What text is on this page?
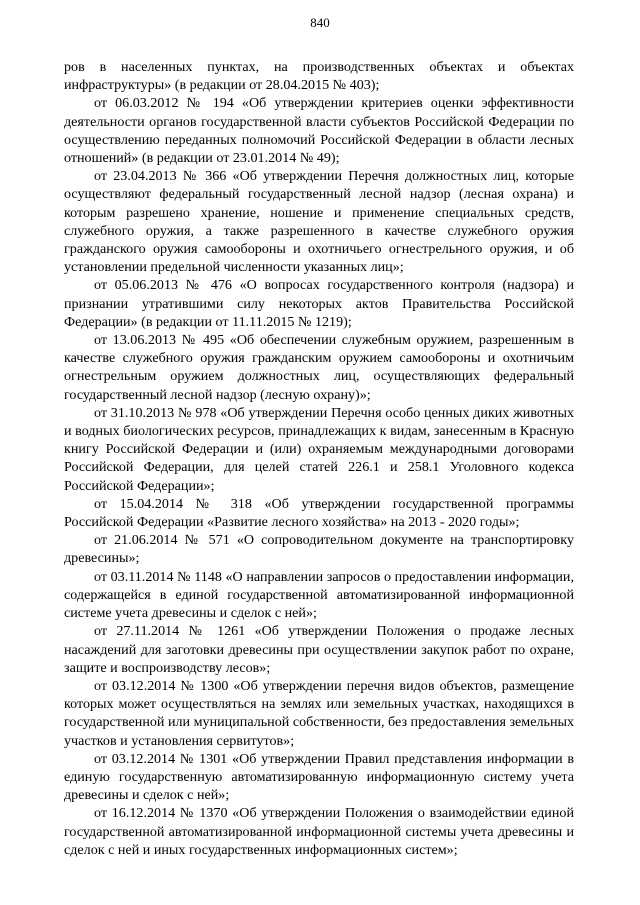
840

ров в населенных пунктах, на производственных объектах и объектах инфраструктуры» (в редакции от 28.04.2015 № 403);

от 06.03.2012 № 194 «Об утверждении критериев оценки эффективности деятельности органов государственной власти субъектов Российской Федерации по осуществлению переданных полномочий Российской Федерации в области лесных отношений» (в редакции от 23.01.2014 № 49);

от 23.04.2013 № 366 «Об утверждении Перечня должностных лиц, которые осуществляют федеральный государственный лесной надзор (лесная охрана) и которым разрешено хранение, ношение и применение специальных средств, служебного оружия, а также разрешенного в качестве служебного оружия гражданского оружия самообороны и охотничьего огнестрельного оружия, и об установлении предельной численности указанных лиц»;

от 05.06.2013 № 476 «О вопросах государственного контроля (надзора) и признании утратившими силу некоторых актов Правительства Российской Федерации» (в редакции от 11.11.2015 № 1219);

от 13.06.2013 № 495 «Об обеспечении служебным оружием, разрешенным в качестве служебного оружия гражданским оружием самообороны и охотничьим огнестрельным оружием должностных лиц, осуществляющих федеральный государственный лесной надзор (лесную охрану)»;

от 31.10.2013 № 978 «Об утверждении Перечня особо ценных диких животных и водных биологических ресурсов, принадлежащих к видам, занесенным в Красную книгу Российской Федерации и (или) охраняемым международными договорами Российской Федерации, для целей статей 226.1 и 258.1 Уголовного кодекса Российской Федерации»;

от 15.04.2014 № 318 «Об утверждении государственной программы Российской Федерации «Развитие лесного хозяйства» на 2013 - 2020 годы»;

от 21.06.2014 № 571 «О сопроводительном документе на транспортировку древесины»;

от 03.11.2014 № 1148 «О направлении запросов о предоставлении информации, содержащейся в единой государственной автоматизированной информационной системе учета древесины и сделок с ней»;

от 27.11.2014 № 1261 «Об утверждении Положения о продаже лесных насаждений для заготовки древесины при осуществлении закупок работ по охране, защите и воспроизводству лесов»;

от 03.12.2014 № 1300 «Об утверждении перечня видов объектов, размещение которых может осуществляться на землях или земельных участках, находящихся в государственной или муниципальной собственности, без предоставления земельных участков и установления сервитутов»;

от 03.12.2014 № 1301 «Об утверждении Правил представления информации в единую государственную автоматизированную информационную систему учета древесины и сделок с ней»;

от 16.12.2014 № 1370 «Об утверждении Положения о взаимодействии единой государственной автоматизированной информационной системы учета древесины и сделок с ней и иных государственных информационных систем»;
